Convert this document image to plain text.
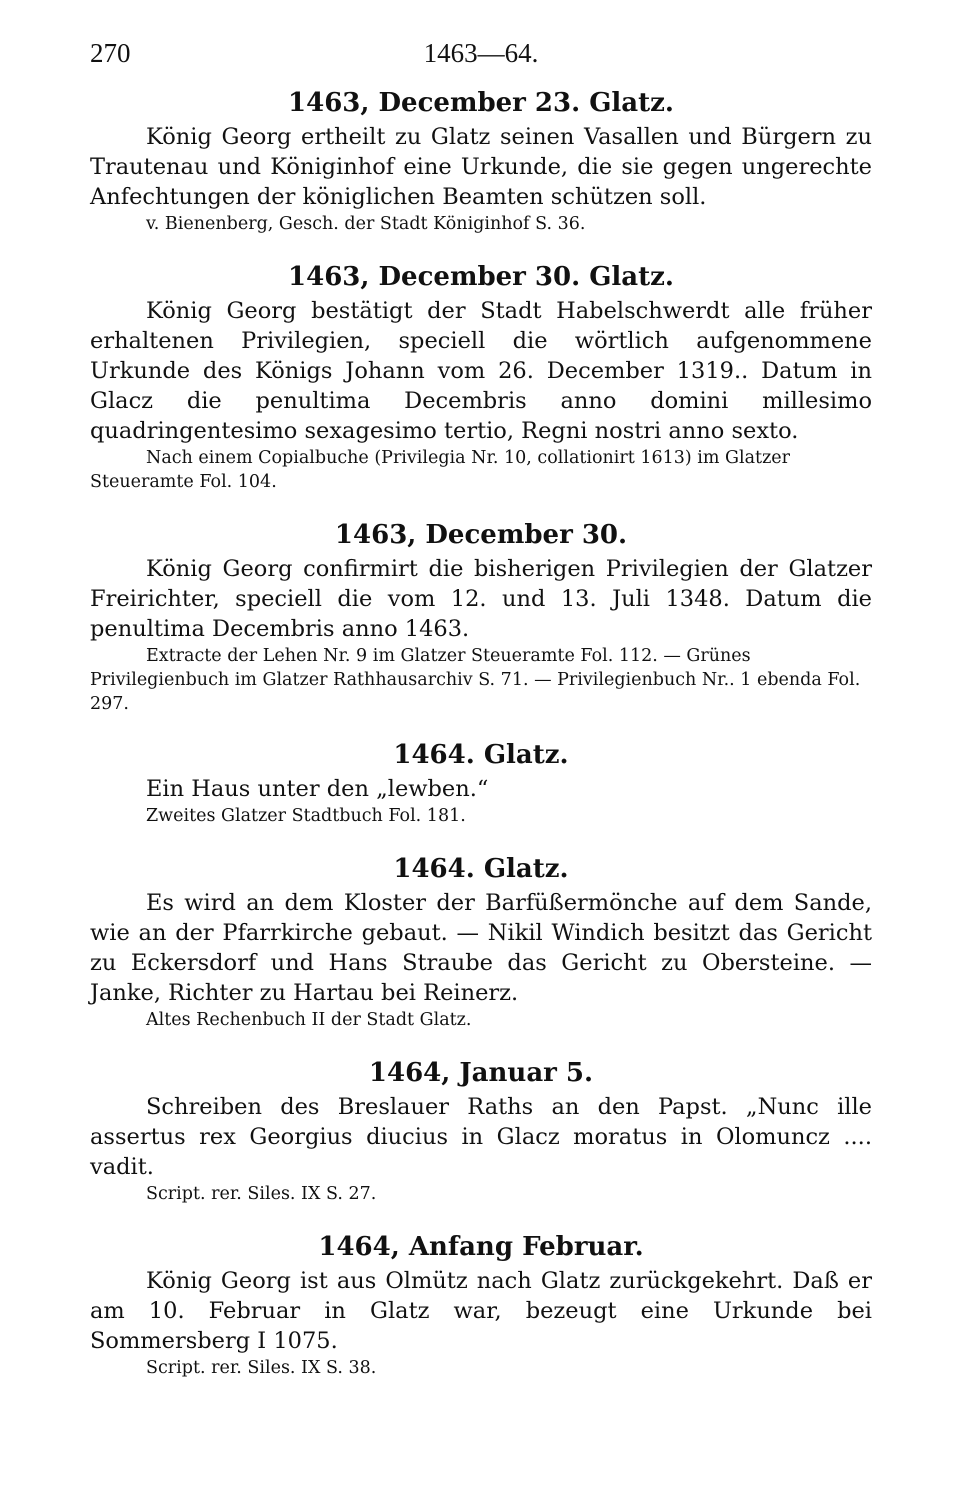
270	1463—64.
1463, December 23. Glatz.

König Georg ertheilt zu Glatz seinen Vasallen und Bürgern zu Trautenau und Königinhof eine Urkunde, die sie gegen ungerechte Anfechtungen der königlichen Beamten schützen soll.

v. Bienenberg, Gesch. der Stadt Königinhof S. 36.

1463, December 30. Glatz.

König Georg bestätigt der Stadt Habelschwerdt alle früher erhaltenen Privilegien, speciell die wörtlich aufgenommene Urkunde des Königs Johann vom 26. December 1319.. Datum in Glacz die penultima Decembris anno domini millesimo quadringentesimo sexagesimo tertio, Regni nostri anno sexto.

Nach einem Copialbuche (Privilegia Nr. 10, collationirt 1613) im Glatzer Steueramte Fol. 104.

1463, December 30.

König Georg confirmirt die bisherigen Privilegien der Glatzer Freirichter, speciell die vom 12. und 13. Juli 1348. Datum die penultima Decembris anno 1463.

Extracte der Lehen Nr. 9 im Glatzer Steueramte Fol. 112. — Grünes Privilegienbuch im Glatzer Rathhausarchiv S. 71. — Privilegienbuch Nr.. 1 ebenda Fol. 297.

1464. Glatz.

Ein Haus unter den „lewben.“

Zweites Glatzer Stadtbuch Fol. 181.

1464. Glatz.

Es wird an dem Kloster der Barfüßermönche auf dem Sande, wie an der Pfarrkirche gebaut. — Nikil Windich besitzt das Gericht zu Eckersdorf und Hans Straube das Gericht zu Obersteine. — Janke, Richter zu Hartau bei Reinerz.

Altes Rechenbuch II der Stadt Glatz.

1464, Januar 5.

Schreiben des Breslauer Raths an den Papst. „Nunc ille assertus rex Georgius diucius in Glacz moratus in Olomuncz .... vadit.

Script. rer. Siles. IX S. 27.

1464, Anfang Februar.

König Georg ist aus Olmütz nach Glatz zurückgekehrt. Daß er am 10. Februar in Glatz war, bezeugt eine Urkunde bei Sommersberg I 1075.

Script. rer. Siles. IX S. 38.
